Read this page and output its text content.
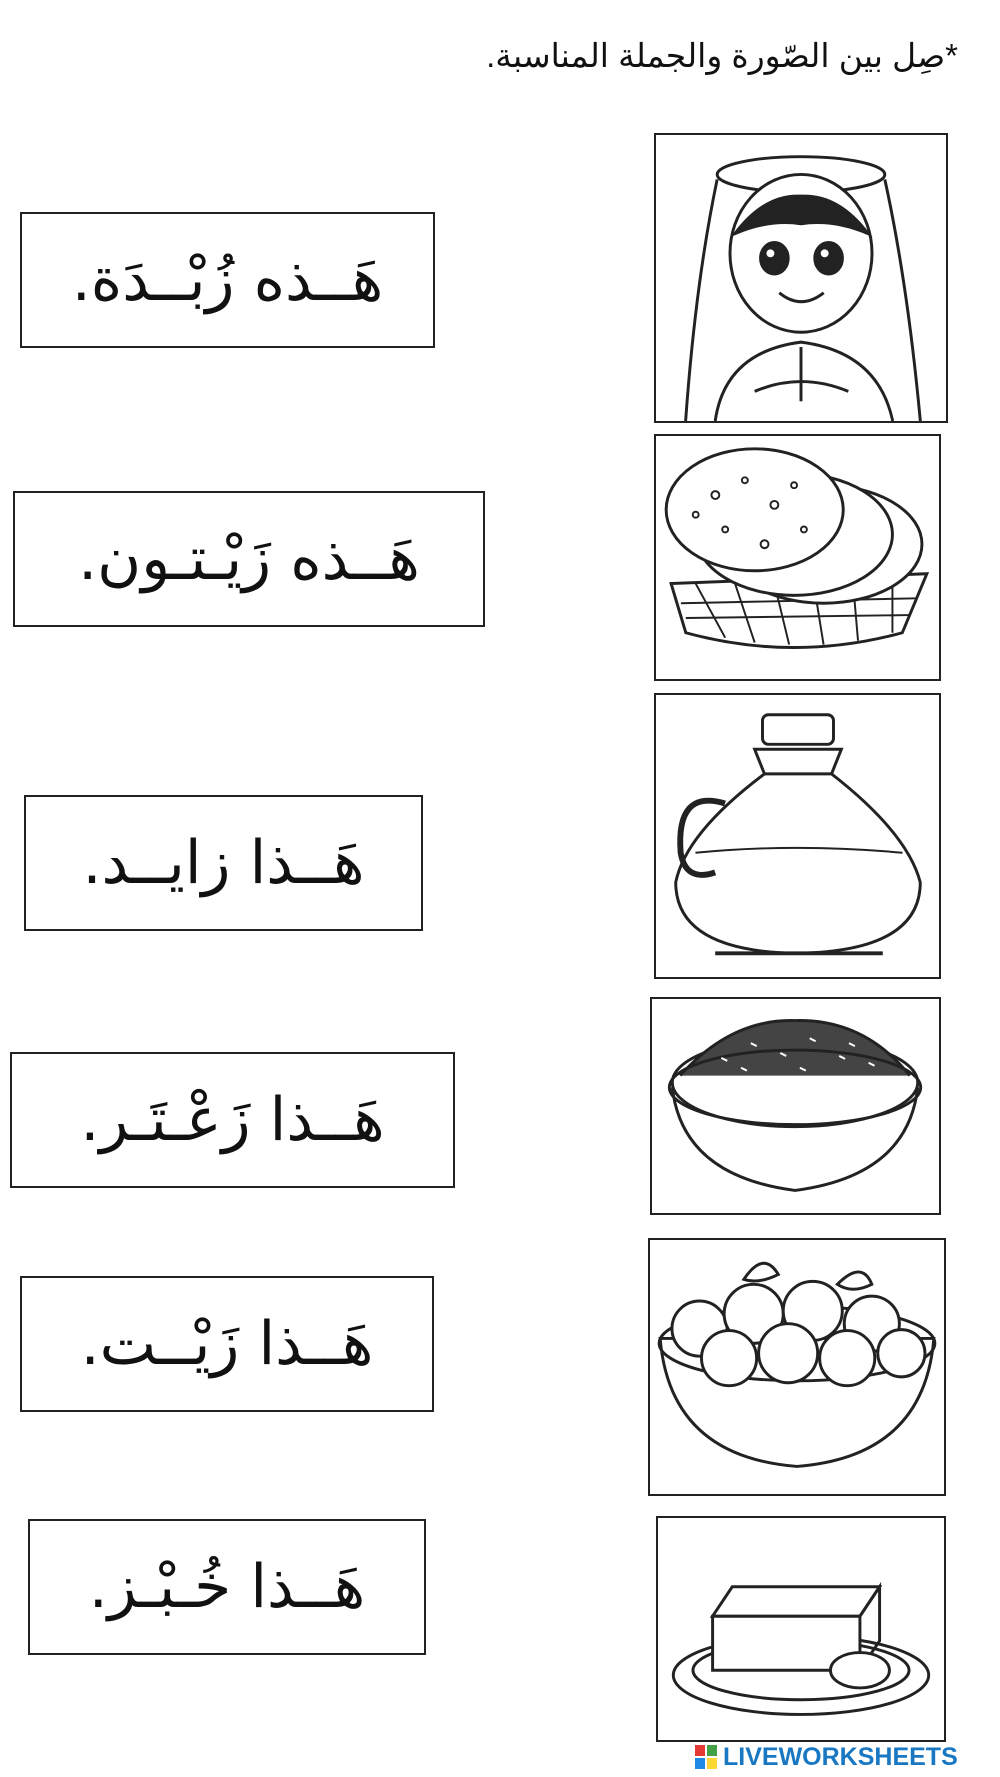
*صِل بين الصّورة والجملة المناسبة.
هَــذه زُبْــدَة.
هَــذه زَيْـتـون.
هَــذا زايــد.
هَــذا زَعْـتَـر.
هَــذا زَيْــت.
هَــذا خُـبْـز.
LIVEWORKSHEETS
